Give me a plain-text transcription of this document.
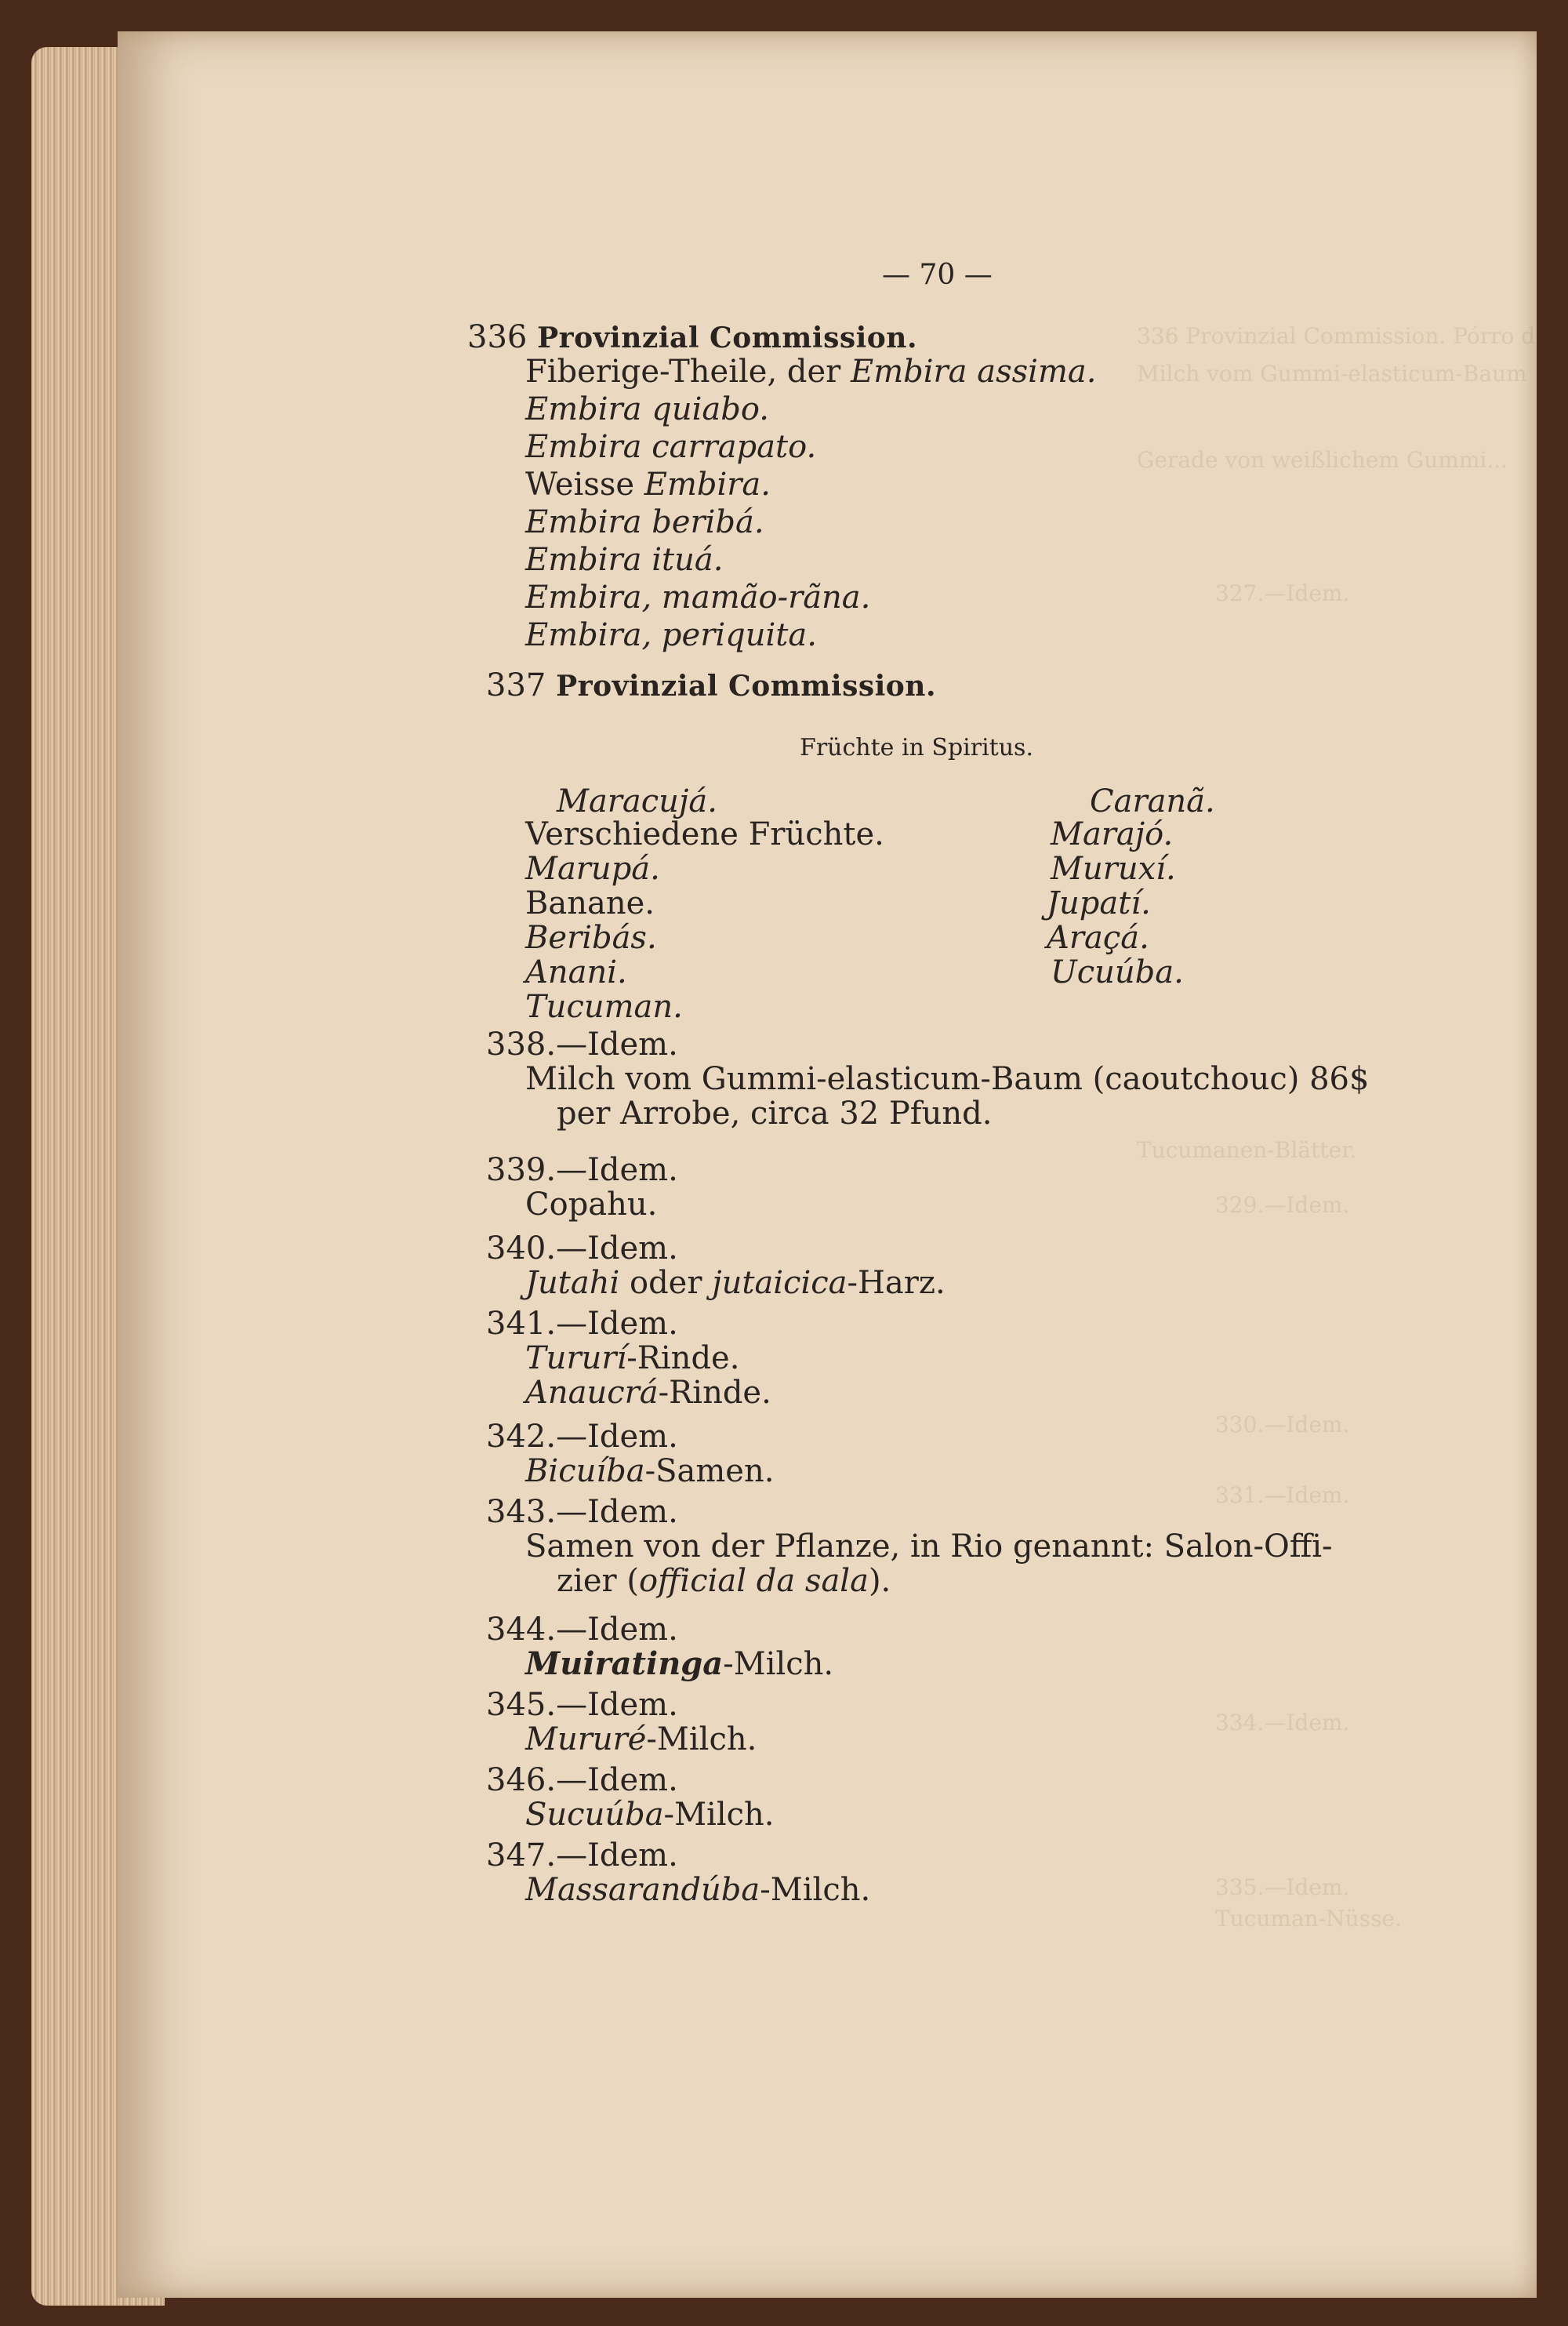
336 Provinzial Commission. Pórro d
Milch vom Gummi-elasticum-Baum
Gerade von weißlichem Gummi...
327.—Idem.
329.—Idem.
Tucumanen-Blätter.
330.—Idem.
331.—Idem.
334.—Idem.
335.—Idem.
Tucuman-Nüsse.
— 70 —
336 Provinzial Commission.
Fiberige-Theile, der Embira assima.
Embira quiabo.
Embira carrapato.
Weisse Embira.
Embira beribá.
Embira ituá.
Embira, mamão-rãna.
Embira, periquita.
337 Provinzial Commission.
Früchte in Spiritus.
Maracujá.
Verschiedene Früchte.
Marupá.
Banane.
Beribás.
Anani.
Tucuman.
Caranã.
Marajó.
Muruxí.
Jupatí.
Araçá.
Ucuúba.
338.—Idem.
Milch vom Gummi-elasticum-Baum (caoutchouc) 86$
per Arrobe, circa 32 Pfund.
339.—Idem.
Copahu.
340.—Idem.
Jutahi oder jutaicica-Harz.
341.—Idem.
Tururí-Rinde.
Anaucrá-Rinde.
342.—Idem.
Bicuíba-Samen.
343.—Idem.
Samen von der Pflanze, in Rio genannt: Salon-Offi-
zier (official da sala).
344.—Idem.
Muiratinga-Milch.
345.—Idem.
Mururé-Milch.
346.—Idem.
Sucuúba-Milch.
347.—Idem.
Massarandúba-Milch.
